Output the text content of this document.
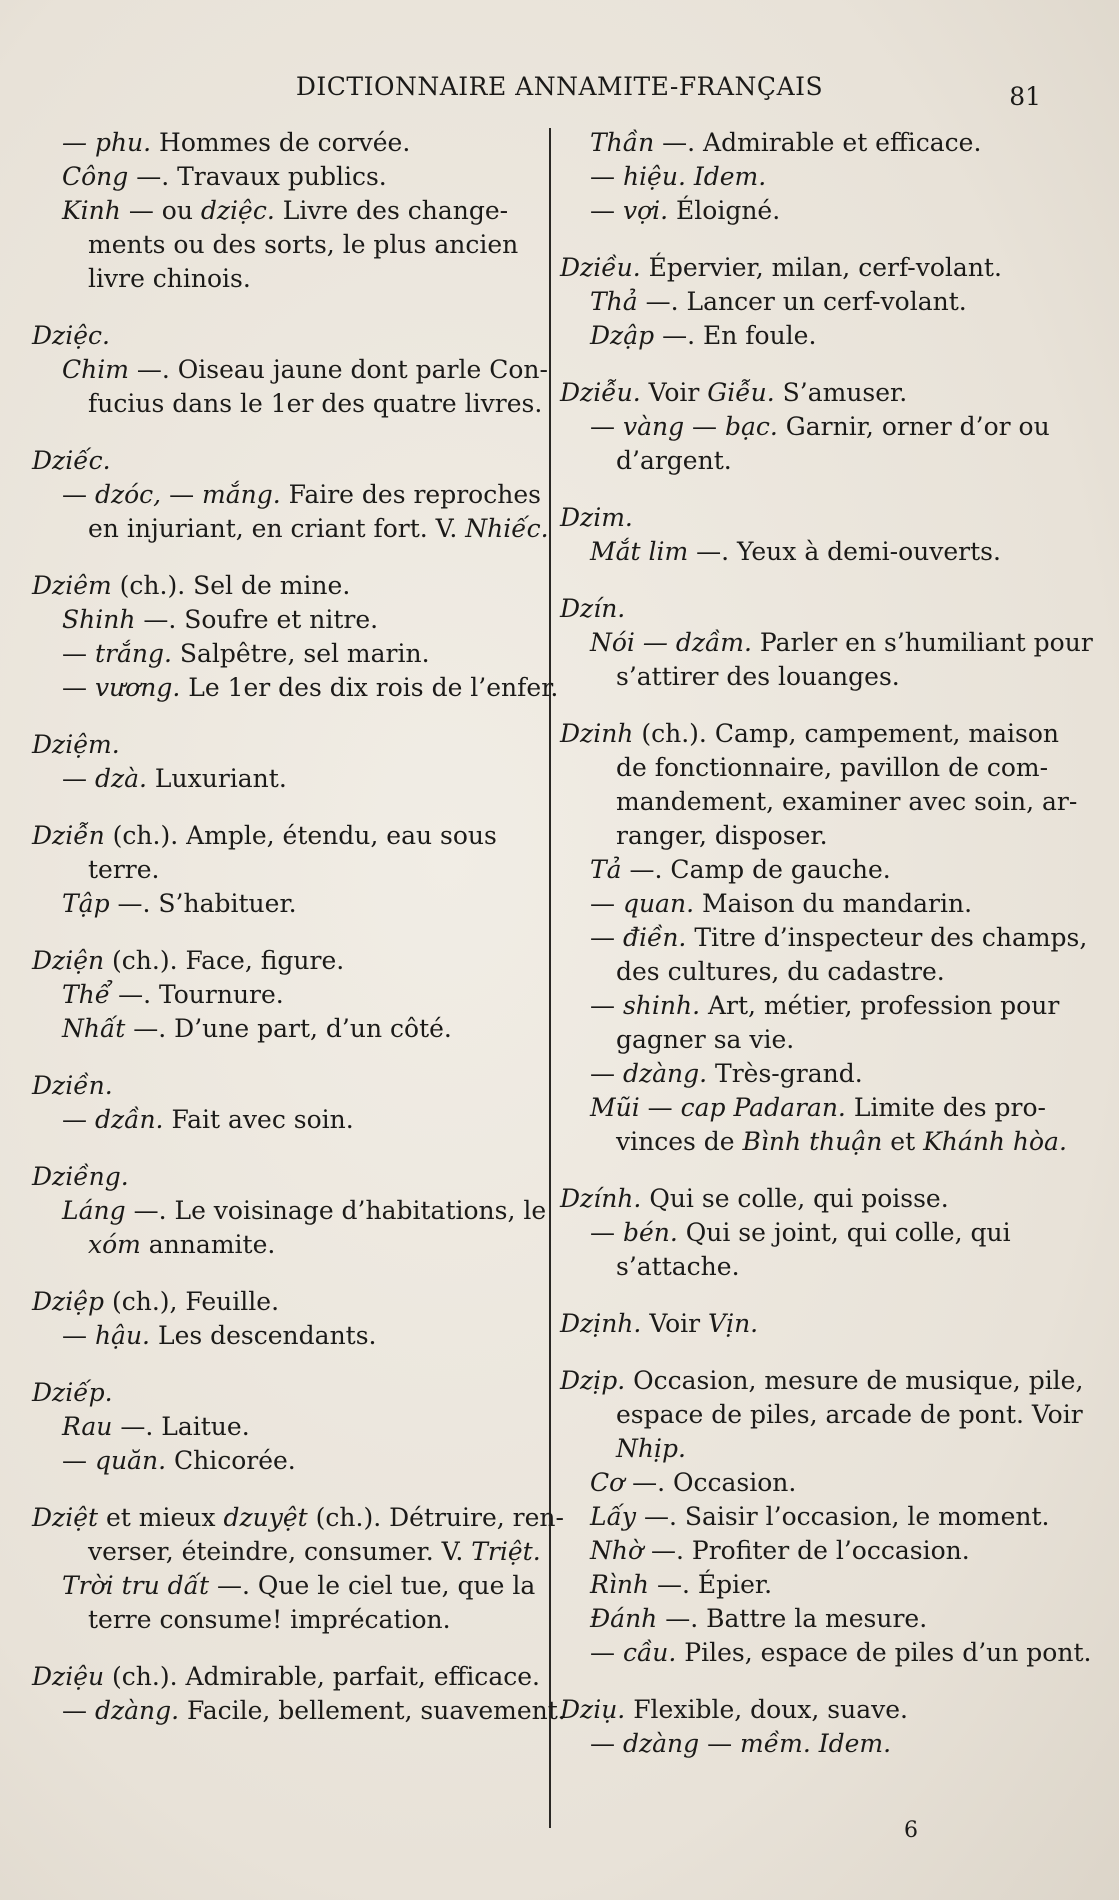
DICTIONNAIRE ANNAMITE-FRANÇAIS	81
— phu. Hommes de corvée.
Công —. Travaux publics.
Kinh — ou dziệc. Livre des change-
ments ou des sorts, le plus ancien
livre chinois.
Dziệc.
Chim —. Oiseau jaune dont parle Con-
fucius dans le 1er des quatre livres.
Dziếc.
— dzóc, — mắng. Faire des reproches
en injuriant, en criant fort. V. Nhiếc.
Dziêm (ch.). Sel de mine.
Shinh —. Soufre et nitre.
— trắng. Salpêtre, sel marin.
— vương. Le 1er des dix rois de l’enfer.
Dziệm.
— dzà. Luxuriant.
Dziễn (ch.). Ample, étendu, eau sous
terre.
Tập —. S’habituer.
Dziện (ch.). Face, figure.
Thể —. Tournure.
Nhất —. D’une part, d’un côté.
Dziền.
— dzần. Fait avec soin.
Dziềng.
Láng —. Le voisinage d’habitations, le
xóm annamite.
Dziệp (ch.), Feuille.
— hậu. Les descendants.
Dziếp.
Rau —. Laitue.
— quăn. Chicorée.
Dziệt et mieux dzuyệt (ch.). Détruire, ren-
verser, éteindre, consumer. V. Triệt.
Trời tru dất —. Que le ciel tue, que la
terre consume! imprécation.
Dziệu (ch.). Admirable, parfait, efficace.
— dzàng. Facile, bellement, suavement.
Thần —. Admirable et efficace.
— hiệu. Idem.
— vợi. Éloigné.
Dziều. Épervier, milan, cerf-volant.
Thả —. Lancer un cerf-volant.
Dzập —. En foule.
Dziễu. Voir Giễu. S’amuser.
— vàng — bạc. Garnir, orner d’or ou
d’argent.
Dzim.
Mắt lim —. Yeux à demi-ouverts.
Dzín.
Nói — dzầm. Parler en s’humiliant pour
s’attirer des louanges.
Dzinh (ch.). Camp, campement, maison
de fonctionnaire, pavillon de com-
mandement, examiner avec soin, ar-
ranger, disposer.
Tả —. Camp de gauche.
— quan. Maison du mandarin.
— điền. Titre d’inspecteur des champs,
des cultures, du cadastre.
— shinh. Art, métier, profession pour
gagner sa vie.
— dzàng. Très-grand.
Mũi — cap Padaran. Limite des pro-
vinces de Bình thuận et Khánh hòa.
Dzính. Qui se colle, qui poisse.
— bén. Qui se joint, qui colle, qui
s’attache.
Dzịnh. Voir Vịn.
Dzịp. Occasion, mesure de musique, pile,
espace de piles, arcade de pont. Voir
Nhịp.
Cơ —. Occasion.
Lấy —. Saisir l’occasion, le moment.
Nhờ —. Profiter de l’occasion.
Rình —. Épier.
Đánh —. Battre la mesure.
— cầu. Piles, espace de piles d’un pont.
Dziụ. Flexible, doux, suave.
— dzàng — mềm. Idem.
6
